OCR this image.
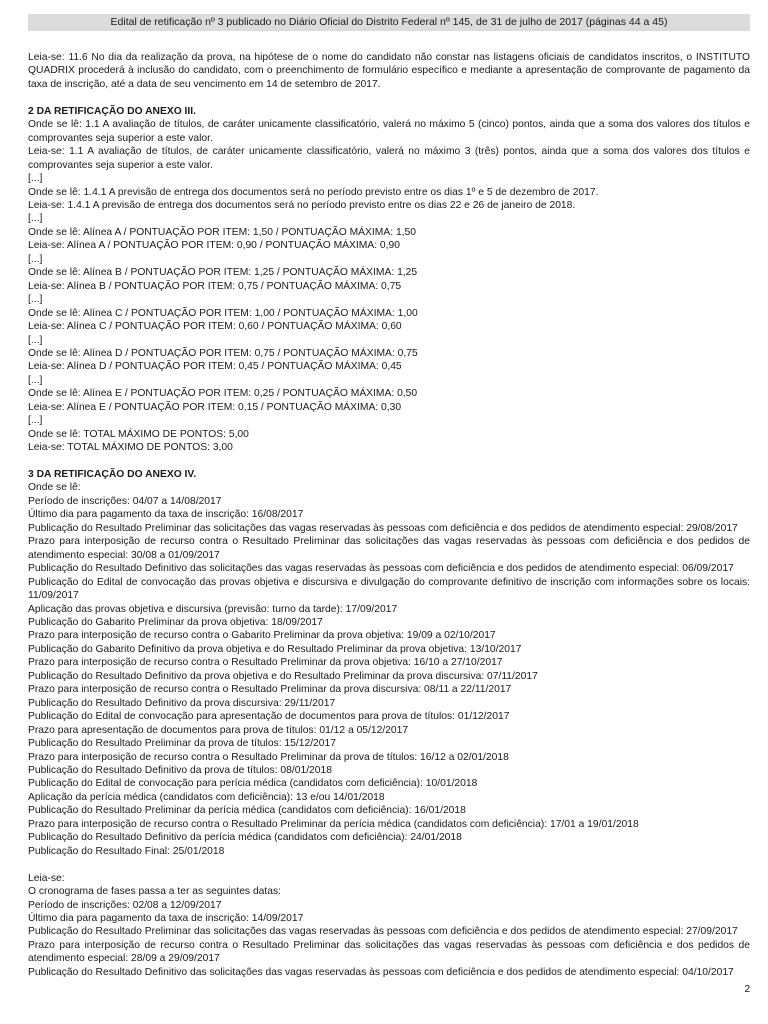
Edital de retificação nº 3 publicado no Diário Oficial do Distrito Federal nº 145, de 31 de julho de 2017 (páginas 44 a 45)

Leia-se: 11.6 No dia da realização da prova, na hipótese de o nome do candidato não constar nas listagens oficiais de candidatos inscritos, o INSTITUTO QUADRIX procederá à inclusão do candidato, com o preenchimento de formulário específico e mediante a apresentação de comprovante de pagamento da taxa de inscrição, até a data de seu vencimento em 14 de setembro de 2017.

2 DA RETIFICAÇÃO DO ANEXO III.

Onde se lê: 1.1 A avaliação de títulos, de caráter unicamente classificatório, valerá no máximo 5 (cinco) pontos, ainda que a soma dos valores dos títulos e comprovantes seja superior a este valor.

Leia-se: 1.1 A avaliação de títulos, de caráter unicamente classificatório, valerá no máximo 3 (três) pontos, ainda que a soma dos valores dos títulos e comprovantes seja superior a este valor.

[...]

Onde se lê: 1.4.1 A previsão de entrega dos documentos será no período previsto entre os dias 1º e 5 de dezembro de 2017.

Leia-se: 1.4.1 A previsão de entrega dos documentos será no período previsto entre os dias 22 e 26 de janeiro de 2018.

[...]

Onde se lê: Alínea A / PONTUAÇÃO POR ITEM: 1,50 / PONTUAÇÃO MÁXIMA: 1,50

Leia-se: Alínea A / PONTUAÇÃO POR ITEM: 0,90 / PONTUAÇÃO MÁXIMA: 0,90

[...]

Onde se lê: Alínea B / PONTUAÇÃO POR ITEM: 1,25 / PONTUAÇÃO MÁXIMA: 1,25

Leia-se: Alínea B / PONTUAÇÃO POR ITEM: 0,75 / PONTUAÇÃO MÁXIMA: 0,75

[...]

Onde se lê: Alínea C / PONTUAÇÃO POR ITEM: 1,00 / PONTUAÇÃO MÁXIMA: 1,00

Leia-se: Alínea C / PONTUAÇÃO POR ITEM: 0,60 / PONTUAÇÃO MÁXIMA: 0,60

[...]

Onde se lê: Alínea D / PONTUAÇÃO POR ITEM: 0,75 / PONTUAÇÃO MÁXIMA: 0,75

Leia-se: Alínea D / PONTUAÇÃO POR ITEM: 0,45 / PONTUAÇÃO MÁXIMA: 0,45

[...]

Onde se lê: Alínea E / PONTUAÇÃO POR ITEM: 0,25 / PONTUAÇÃO MÁXIMA: 0,50

Leia-se: Alínea E / PONTUAÇÃO POR ITEM: 0,15 / PONTUAÇÃO MÁXIMA: 0,30

[...]

Onde se lê: TOTAL MÁXIMO DE PONTOS: 5,00

Leia-se: TOTAL MÁXIMO DE PONTOS: 3,00

3 DA RETIFICAÇÃO DO ANEXO IV.

Onde se lê:

Período de inscrições: 04/07 a 14/08/2017

Último dia para pagamento da taxa de inscrição: 16/08/2017

Publicação do Resultado Preliminar das solicitações das vagas reservadas às pessoas com deficiência e dos pedidos de atendimento especial: 29/08/2017

Prazo para interposição de recurso contra o Resultado Preliminar das solicitações das vagas reservadas às pessoas com deficiência e dos pedidos de atendimento especial: 30/08 a 01/09/2017

Publicação do Resultado Definitivo das solicitações das vagas reservadas às pessoas com deficiência e dos pedidos de atendimento especial: 06/09/2017

Publicação do Edital de convocação das provas objetiva e discursiva e divulgação do comprovante definitivo de inscrição com informações sobre os locais: 11/09/2017

Aplicação das provas objetiva e discursiva (previsão: turno da tarde): 17/09/2017

Publicação do Gabarito Preliminar da prova objetiva: 18/09/2017

Prazo para interposição de recurso contra o Gabarito Preliminar da prova objetiva: 19/09 a 02/10/2017

Publicação do Gabarito Definitivo da prova objetiva e do Resultado Preliminar da prova objetiva: 13/10/2017

Prazo para interposição de recurso contra o Resultado Preliminar da prova objetiva: 16/10 a 27/10/2017

Publicação do Resultado Definitivo da prova objetiva e do Resultado Preliminar da prova discursiva: 07/11/2017

Prazo para interposição de recurso contra o Resultado Preliminar da prova discursiva: 08/11 a 22/11/2017

Publicação do Resultado Definitivo da prova discursiva: 29/11/2017

Publicação do Edital de convocação para apresentação de documentos para prova de títulos: 01/12/2017

Prazo para apresentação de documentos para prova de títulos: 01/12 a 05/12/2017

Publicação do Resultado Preliminar da prova de títulos: 15/12/2017

Prazo para interposição de recurso contra o Resultado Preliminar da prova de títulos: 16/12 a 02/01/2018

Publicação do Resultado Definitivo da prova de títulos: 08/01/2018

Publicação do Edital de convocação para perícia médica (candidatos com deficiência): 10/01/2018

Aplicação da perícia médica (candidatos com deficiência): 13 e/ou 14/01/2018

Publicação do Resultado Preliminar da perícia médica (candidatos com deficiência): 16/01/2018

Prazo para interposição de recurso contra o Resultado Preliminar da perícia médica (candidatos com deficiência): 17/01 a 19/01/2018

Publicação do Resultado Definitivo da perícia médica (candidatos com deficiência): 24/01/2018

Publicação do Resultado Final: 25/01/2018

Leia-se:

O cronograma de fases passa a ter as seguintes datas:

Período de inscrições: 02/08 a 12/09/2017

Último dia para pagamento da taxa de inscrição: 14/09/2017

Publicação do Resultado Preliminar das solicitações das vagas reservadas às pessoas com deficiência e dos pedidos de atendimento especial: 27/09/2017

Prazo para interposição de recurso contra o Resultado Preliminar das solicitações das vagas reservadas às pessoas com deficiência e dos pedidos de atendimento especial: 28/09 a 29/09/2017

Publicação do Resultado Definitivo das solicitações das vagas reservadas às pessoas com deficiência e dos pedidos de atendimento especial: 04/10/2017

2
